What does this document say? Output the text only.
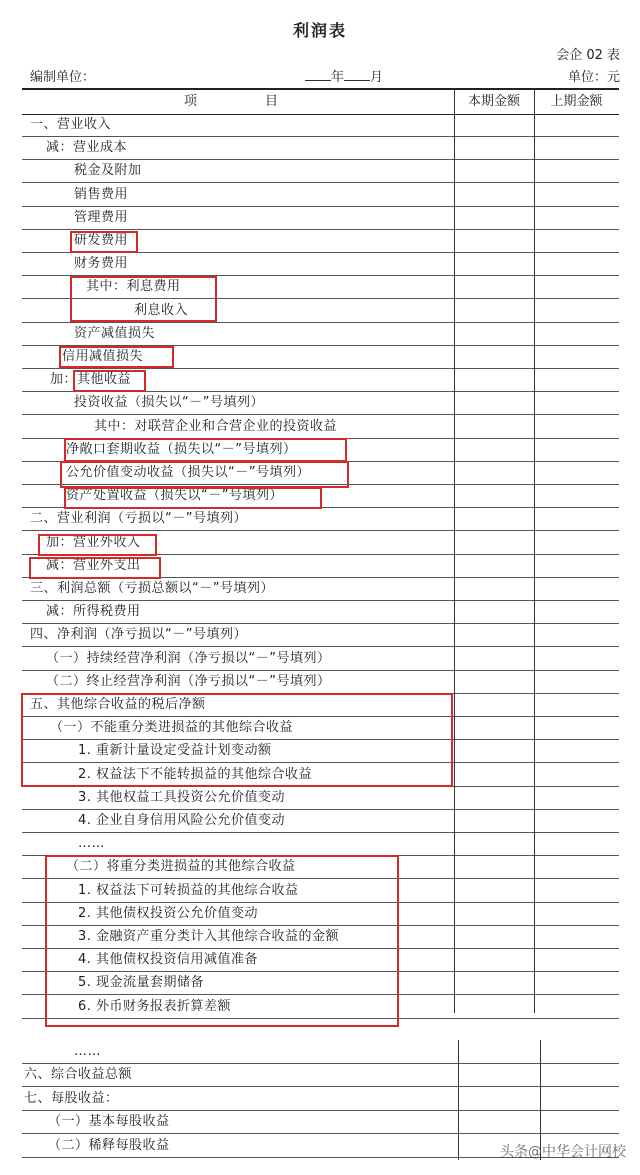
利润表
会企 02 表
编制单位：	年 月	单位：元
项　　目	本期金额	上期金额
一、营业收入
减：营业成本
税金及附加
销售费用
管理费用
研发费用
财务费用
其中：利息费用
利息收入
资产减值损失
信用减值损失
加：其他收益
投资收益（损失以“－”号填列）
其中：对联营企业和合营企业的投资收益
净敞口套期收益（损失以“－”号填列）
公允价值变动收益（损失以“－”号填列）
资产处置收益（损失以“－”号填列）
二、营业利润（亏损以“－”号填列）
加：营业外收入
减：营业外支出
三、利润总额（亏损总额以“－”号填列）
减：所得税费用
四、净利润（净亏损以“－”号填列）
（一）持续经营净利润（净亏损以“－”号填列）
（二）终止经营净利润（净亏损以“－”号填列）
五、其他综合收益的税后净额
（一）不能重分类进损益的其他综合收益
1. 重新计量设定受益计划变动额
2. 权益法下不能转损益的其他综合收益
3. 其他权益工具投资公允价值变动
4. 企业自身信用风险公允价值变动
……
（二）将重分类进损益的其他综合收益
1. 权益法下可转损益的其他综合收益
2. 其他债权投资公允价值变动
3. 金融资产重分类计入其他综合收益的金额
4. 其他债权投资信用减值准备
5. 现金流量套期储备
6. 外币财务报表折算差额
……
六、综合收益总额
七、每股收益：
（一）基本每股收益
（二）稀释每股收益	头条@中华会计网校
